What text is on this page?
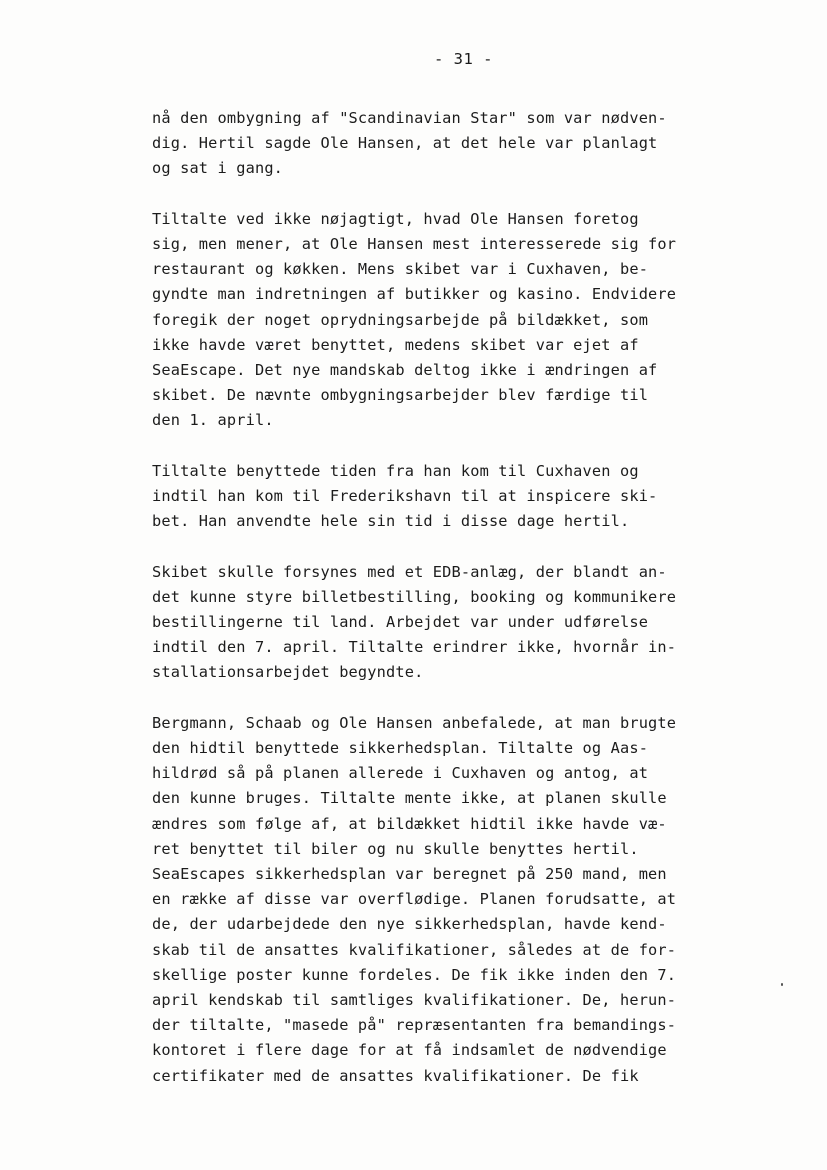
- 31 -
nå den ombygning af "Scandinavian Star" som var nødven-
dig. Hertil sagde Ole Hansen, at det hele var planlagt
og sat i gang.
Tiltalte ved ikke nøjagtigt, hvad Ole Hansen foretog
sig, men mener, at Ole Hansen mest interesserede sig for
restaurant og køkken. Mens skibet var i Cuxhaven, be-
gyndte man indretningen af butikker og kasino. Endvidere
foregik der noget oprydningsarbejde på bildækket, som
ikke havde været benyttet, medens skibet var ejet af
SeaEscape. Det nye mandskab deltog ikke i ændringen af
skibet. De nævnte ombygningsarbejder blev færdige til
den 1. april.
Tiltalte benyttede tiden fra han kom til Cuxhaven og
indtil han kom til Frederikshavn til at inspicere ski-
bet. Han anvendte hele sin tid i disse dage hertil.
Skibet skulle forsynes med et EDB-anlæg, der blandt an-
det kunne styre billetbestilling, booking og kommunikere
bestillingerne til land. Arbejdet var under udførelse
indtil den 7. april. Tiltalte erindrer ikke, hvornår in-
stallationsarbejdet begyndte.
Bergmann, Schaab og Ole Hansen anbefalede, at man brugte
den hidtil benyttede sikkerhedsplan. Tiltalte og Aas-
hildrød så på planen allerede i Cuxhaven og antog, at
den kunne bruges. Tiltalte mente ikke, at planen skulle
ændres som følge af, at bildækket hidtil ikke havde væ-
ret benyttet til biler og nu skulle benyttes hertil.
SeaEscapes sikkerhedsplan var beregnet på 250 mand, men
en række af disse var overflødige. Planen forudsatte, at
de, der udarbejdede den nye sikkerhedsplan, havde kend-
skab til de ansattes kvalifikationer, således at de for-
skellige poster kunne fordeles. De fik ikke inden den 7.
april kendskab til samtliges kvalifikationer. De, herun-
der tiltalte, "masede på" repræsentanten fra bemandings-
kontoret i flere dage for at få indsamlet de nødvendige
certifikater med de ansattes kvalifikationer. De fik
